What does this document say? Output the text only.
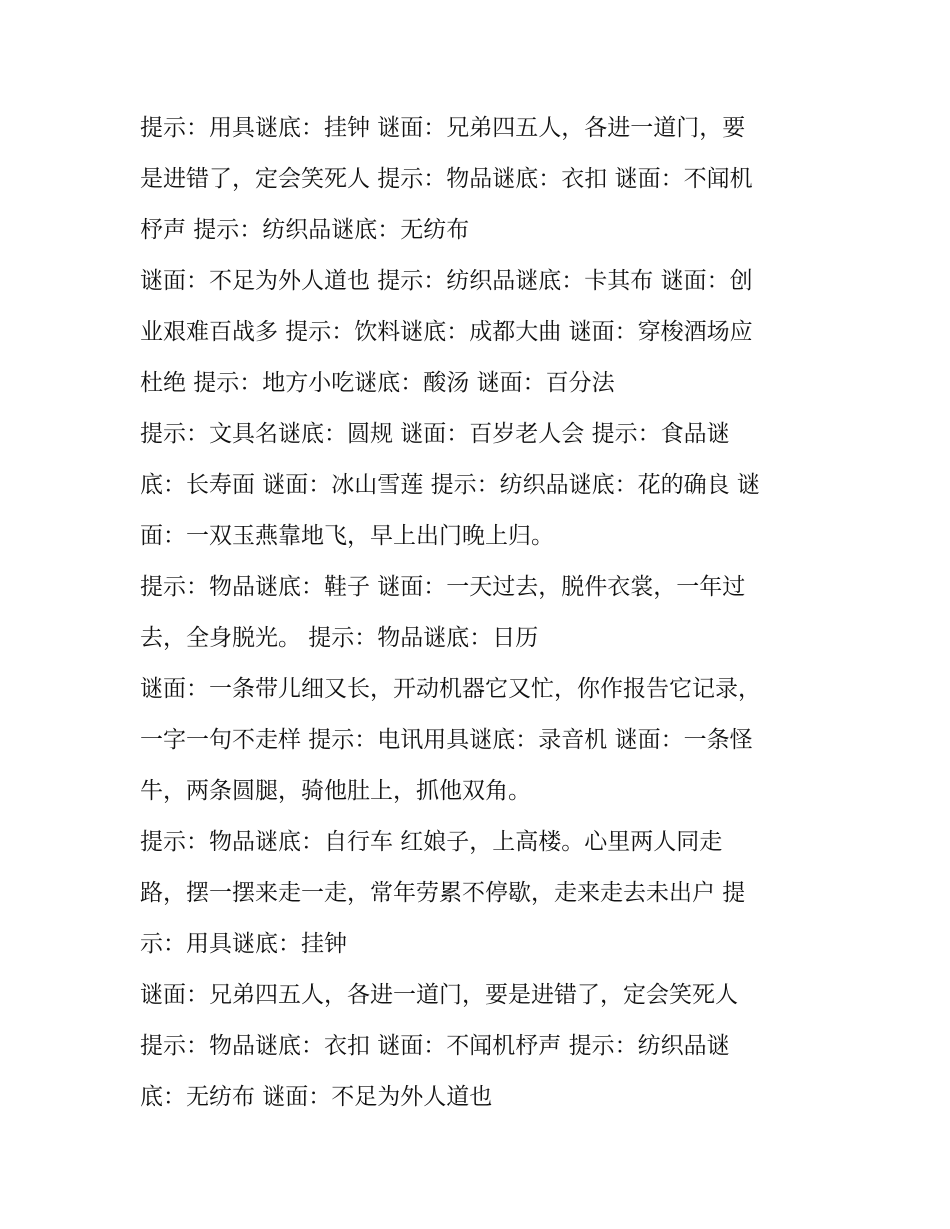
提示：用具谜底：挂钟 谜面：兄弟四五人，各进一道门，要
是进错了，定会笑死人 提示：物品谜底：衣扣 谜面：不闻机
杼声 提示：纺织品谜底：无纺布
谜面：不足为外人道也 提示：纺织品谜底：卡其布 谜面：创
业艰难百战多 提示：饮料谜底：成都大曲 谜面：穿梭酒场应
杜绝 提示：地方小吃谜底：酸汤 谜面：百分法
提示：文具名谜底：圆规 谜面：百岁老人会 提示：食品谜
底：长寿面 谜面：冰山雪莲 提示：纺织品谜底：花的确良 谜
面：一双玉燕靠地飞，早上出门晚上归。
提示：物品谜底：鞋子 谜面：一天过去，脱件衣裳，一年过
去，全身脱光。 提示：物品谜底：日历
谜面：一条带儿细又长，开动机器它又忙，你作报告它记录，
一字一句不走样 提示：电讯用具谜底：录音机 谜面：一条怪
牛，两条圆腿，骑他肚上，抓他双角。
提示：物品谜底：自行车 红娘子，上高楼。心里两人同走
路，摆一摆来走一走，常年劳累不停歇，走来走去未出户 提
示：用具谜底：挂钟
谜面：兄弟四五人，各进一道门，要是进错了，定会笑死人
提示：物品谜底：衣扣 谜面：不闻机杼声 提示：纺织品谜
底：无纺布 谜面：不足为外人道也
